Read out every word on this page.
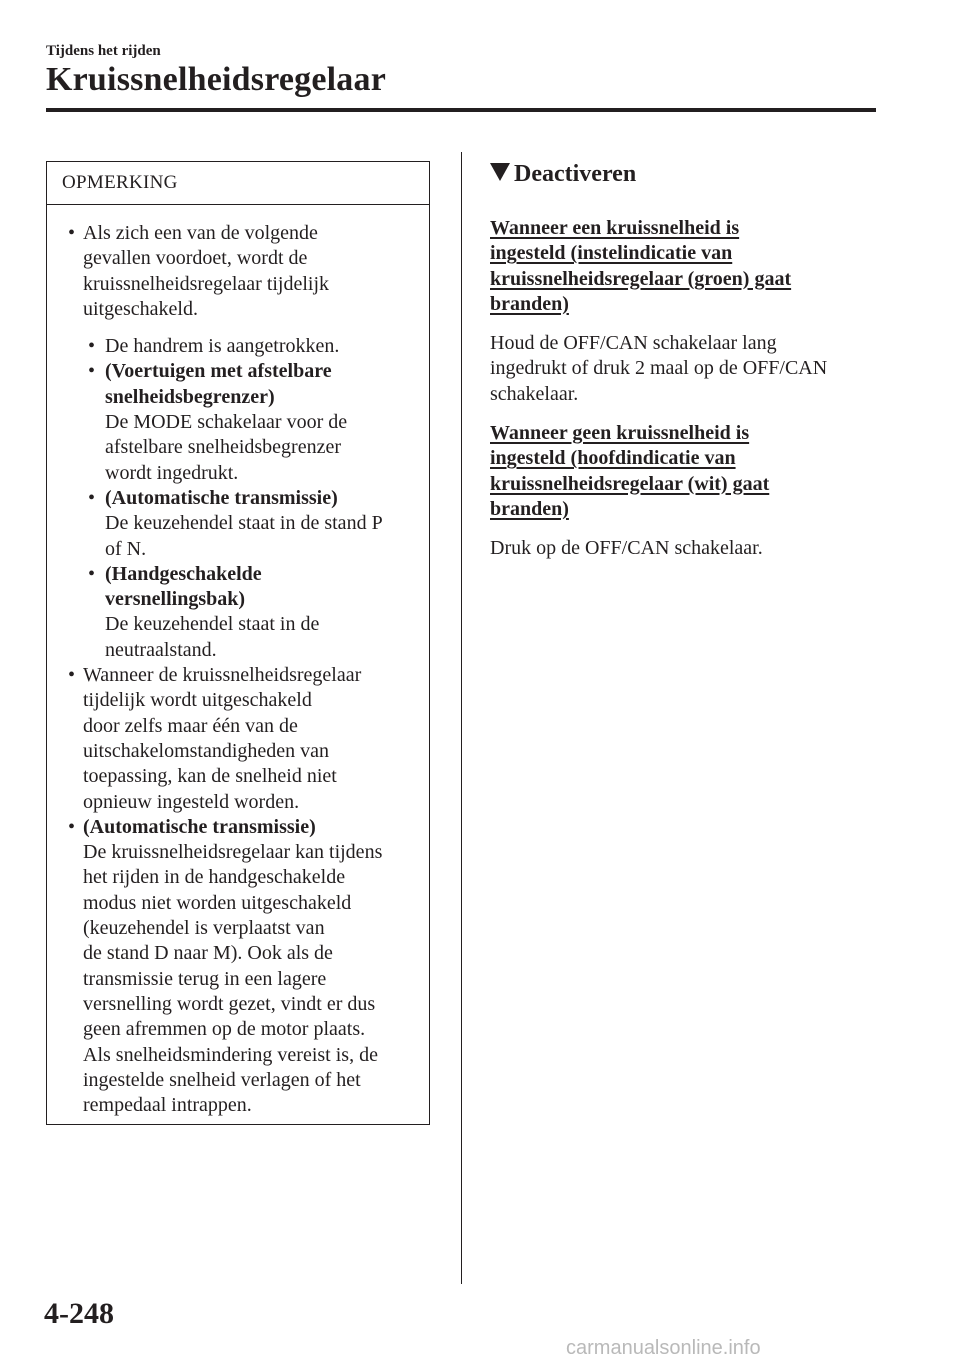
Tijdens het rijden

Kruissnelheidsregelaar
OPMERKING
• Als zich een van de volgende
gevallen voordoet, wordt de
kruissnelheidsregelaar tijdelijk
uitgeschakeld.
• De handrem is aangetrokken.
• (Voertuigen met afstelbare
snelheidsbegrenzer)
De MODE schakelaar voor de
afstelbare snelheidsbegrenzer
wordt ingedrukt.
• (Automatische transmissie)
De keuzehendel staat in de stand P
of N.
• (Handgeschakelde
versnellingsbak)
De keuzehendel staat in de
neutraalstand.
• Wanneer de kruissnelheidsregelaar
tijdelijk wordt uitgeschakeld
door zelfs maar één van de
uitschakelomstandigheden van
toepassing, kan de snelheid niet
opnieuw ingesteld worden.
• (Automatische transmissie)
De kruissnelheidsregelaar kan tijdens
het rijden in de handgeschakelde
modus niet worden uitgeschakeld
(keuzehendel is verplaatst van
de stand D naar M). Ook als de
transmissie terug in een lagere
versnelling wordt gezet, vindt er dus
geen afremmen op de motor plaats.
Als snelheidsmindering vereist is, de
ingestelde snelheid verlagen of het
rempedaal intrappen.
Deactiveren
Wanneer een kruissnelheid is
ingesteld (instelindicatie van
kruissnelheidsregelaar (groen) gaat
branden)
Houd de OFF/CAN schakelaar lang
ingedrukt of druk 2 maal op de OFF/CAN
schakelaar.
Wanneer geen kruissnelheid is
ingesteld (hoofdindicatie van
kruissnelheidsregelaar (wit) gaat
branden)
Druk op de OFF/CAN schakelaar.

4-248

carmanualsonline.info
